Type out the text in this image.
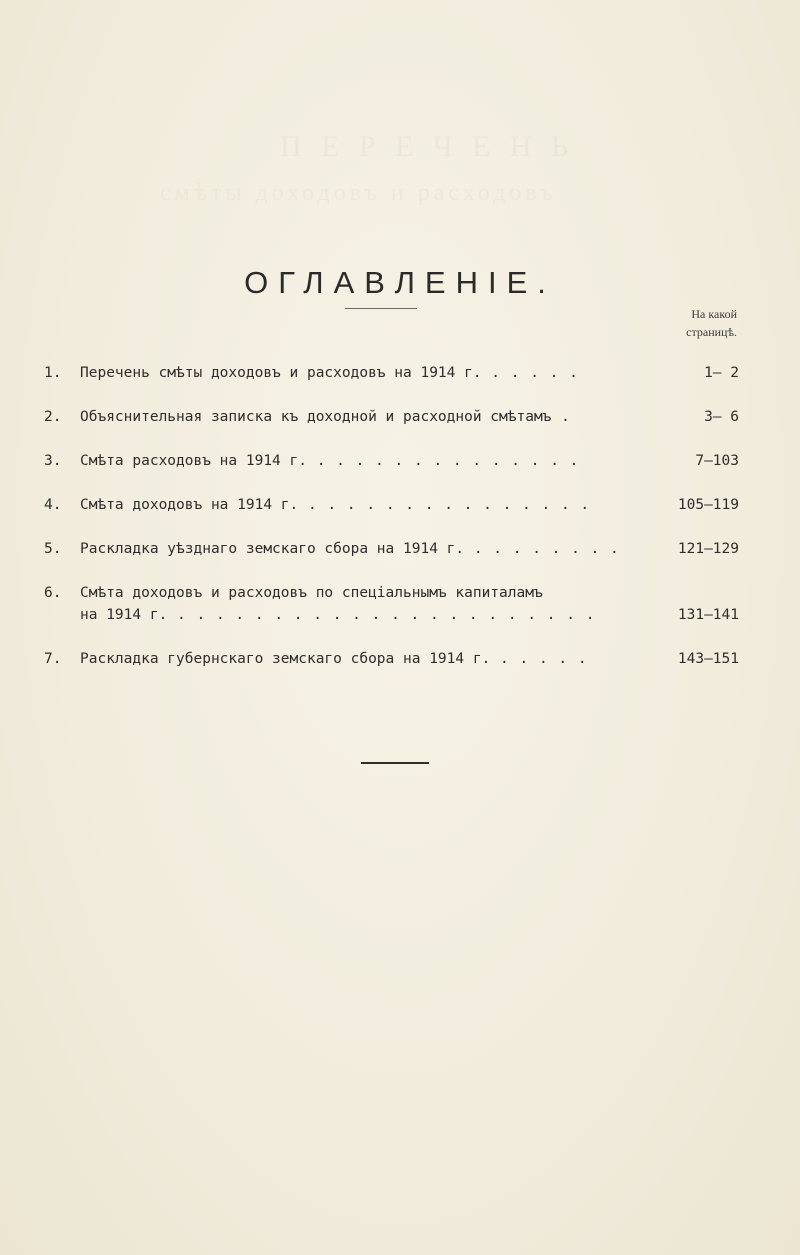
П Е Р Е Ч Е Н Ь
смѣты доходовъ и расходовъ
ОГЛАВЛЕНIЕ.
На какой
страницѣ.
1.	Перечень смѣты доходовъ и расходовъ на 1914 г. . . . . .	1— 2
2.	Объяснительная записка къ доходной и расходной смѣтамъ .	3— 6
3.	Смѣта расходовъ на 1914 г. . . . . . . . . . . . . . .	7—103
4.	Смѣта доходовъ на 1914 г. . . . . . . . . . . . . . . .	105—119
5.	Раскладка уѣзднаго земскаго сбора на 1914 г. . . . . . . . .	121—129
6.	Смѣта доходовъ и расходовъ по спеціальнымъ капиталамъ
на 1914 г. . . . . . . . . . . . . . . . . . . . . . .	131—141
7.	Раскладка губернскаго земскаго сбора на 1914 г. . . . . .	143—151
